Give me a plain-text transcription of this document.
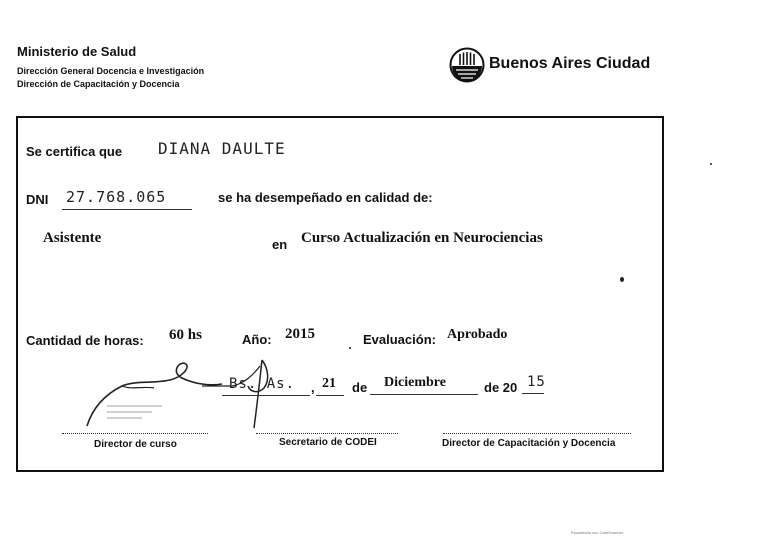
Ministerio de Salud
Dirección General Docencia e Investigación
Dirección de Capacitación y Docencia
Buenos Aires Ciudad
Se certifica que DIANA DAULTE
DNI 27.768.065	se ha desempeñado en calidad de:
Asistente	en Curso Actualización en Neurociencias
Cantidad de horas: 60 hs	Año: 2015	Evaluación: Aprobado
Bs. As. , 21 de Diciembre	de 20 15
Director de curso	Secretario de CODEI	Director de Capacitación y Docencia
Escaneado con CamScanner
